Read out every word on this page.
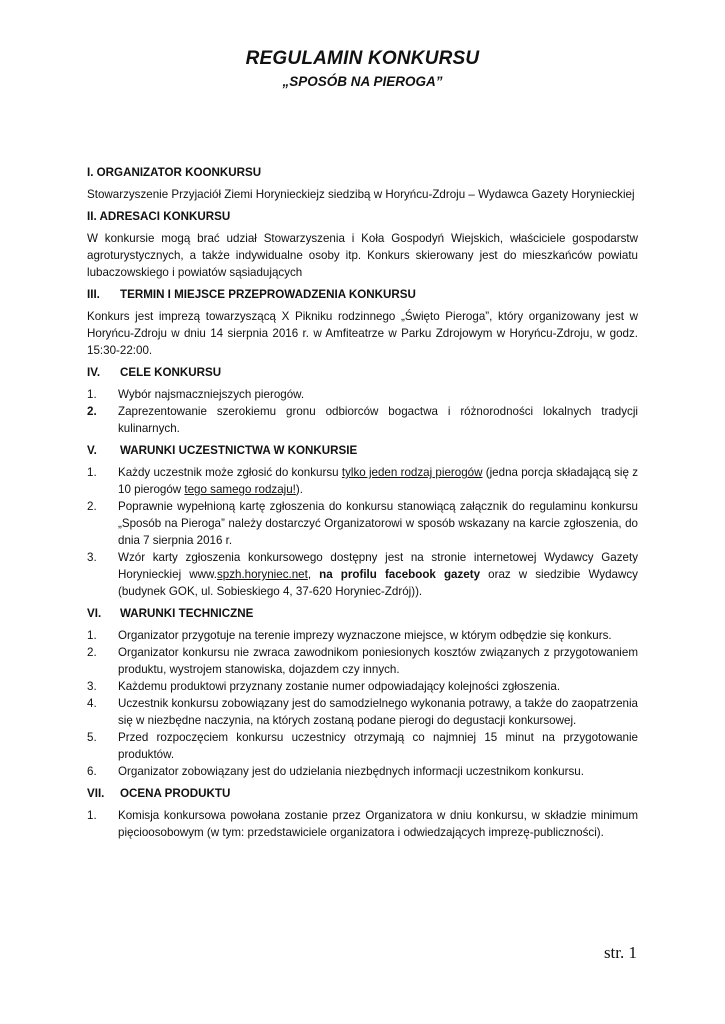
REGULAMIN KONKURSU
„SPOSÓB NA PIEROGA”
I. ORGANIZATOR KOONKURSU
Stowarzyszenie Przyjaciół Ziemi Horynieckiejz siedzibą w Horyńcu-Zdroju – Wydawca Gazety Horynieckiej
II. ADRESACI KONKURSU
W konkursie mogą brać udział Stowarzyszenia i Koła Gospodyń Wiejskich, właściciele gospodarstw agroturystycznych, a także indywidualne osoby itp. Konkurs skierowany jest do mieszkańców powiatu lubaczowskiego i powiatów sąsiadujących
III. TERMIN I MIEJSCE PRZEPROWADZENIA KONKURSU
Konkurs jest imprezą towarzyszącą X Pikniku rodzinnego „Święto Pieroga”, który organizowany jest w Horyńcu-Zdroju w dniu 14 sierpnia 2016 r. w Amfiteatrze w Parku Zdrojowym w Horyńcu-Zdroju, w godz. 15:30-22:00.
IV. CELE KONKURSU
1. Wybór najsmaczniejszych pierogów.
2. Zaprezentowanie szerokiemu gronu odbiorców bogactwa i różnorodności lokalnych tradycji kulinarnych.
V. WARUNKI UCZESTNICTWA W KONKURSIE
1. Każdy uczestnik może zgłosić do konkursu tylko jeden rodzaj pierogów (jedna porcja składającą się z 10 pierogów tego samego rodzaju!).
2. Poprawnie wypełnioną kartę zgłoszenia do konkursu stanowiącą załącznik do regulaminu konkursu „Sposób na Pieroga” należy dostarczyć Organizatorowi w sposób wskazany na karcie zgłoszenia, do dnia 7 sierpnia 2016 r.
3. Wzór karty zgłoszenia konkursowego dostępny jest na stronie internetowej Wydawcy Gazety Horynieckiej www.spzh.horyniec.net, na profilu facebook gazety oraz w siedzibie Wydawcy (budynek GOK, ul. Sobieskiego 4, 37-620 Horyniec-Zdrój)).
VI. WARUNKI TECHNICZNE
1. Organizator przygotuje na terenie imprezy wyznaczone miejsce, w którym odbędzie się konkurs.
2. Organizator konkursu nie zwraca zawodnikom poniesionych kosztów związanych z przygotowaniem produktu, wystrojem stanowiska, dojazdem czy innych.
3. Każdemu produktowi przyznany zostanie numer odpowiadający kolejności zgłoszenia.
4. Uczestnik konkursu zobowiązany jest do samodzielnego wykonania potrawy, a także do zaopatrzenia się w niezbędne naczynia, na których zostaną podane pierogi do degustacji konkursowej.
5. Przed rozpoczęciem konkursu uczestnicy otrzymają co najmniej 15 minut na przygotowanie produktów.
6. Organizator zobowiązany jest do udzielania niezbędnych informacji uczestnikom konkursu.
VII. OCENA PRODUKTU
1. Komisja konkursowa powołana zostanie przez Organizatora w dniu konkursu, w składzie minimum pięcioosobowym (w tym: przedstawiciele organizatora i odwiedzających imprezę-publiczności).
str. 1
